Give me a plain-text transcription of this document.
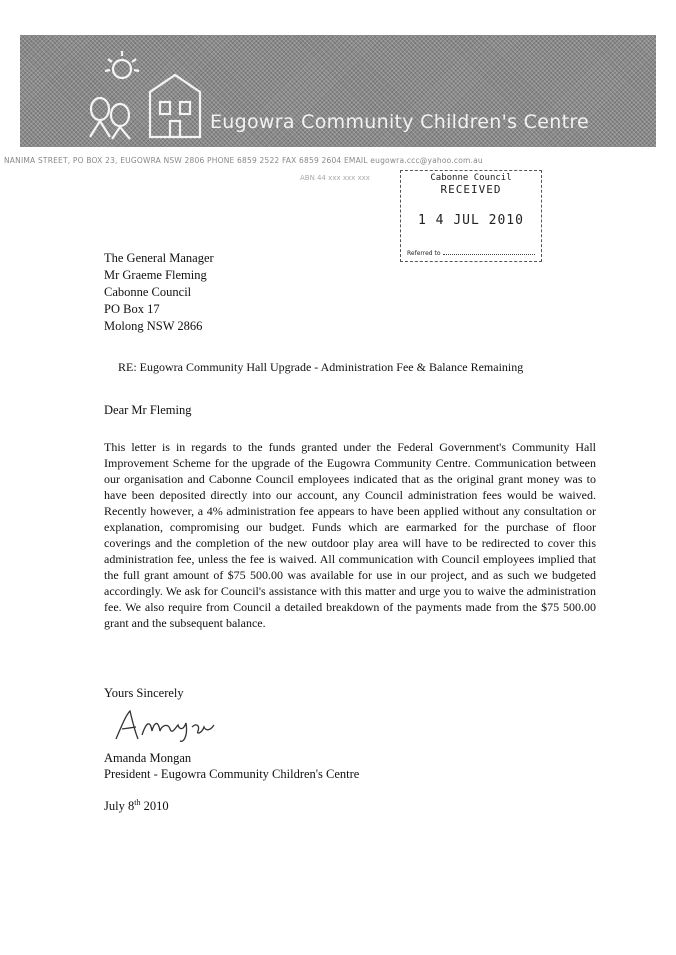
Eugowra Community Children's Centre
NANIMA STREET, PO BOX 23, EUGOWRA NSW 2806 PHONE 6859 2522 FAX 6859 2604 EMAIL eugowra.ccc@yahoo.com.au
ABN 44 xxx xxx xxx	Cabonne Council
RECEIVED
1 4 JUL 2010
Referred to
The General Manager
Mr Graeme Fleming
Cabonne Council
PO Box 17
Molong NSW 2866
RE: Eugowra Community Hall Upgrade - Administration Fee & Balance Remaining
Dear Mr Fleming
This letter is in regards to the funds granted under the Federal Government's Community Hall Improvement Scheme for the upgrade of the Eugowra Community Centre. Communication between our organisation and Cabonne Council employees indicated that as the original grant money was to have been deposited directly into our account, any Council administration fees would be waived. Recently however, a 4% administration fee appears to have been applied without any consultation or explanation, compromising our budget. Funds which are earmarked for the purchase of floor coverings and the completion of the new outdoor play area will have to be redirected to cover this administration fee, unless the fee is waived. All communication with Council employees implied that the full grant amount of $75 500.00 was available for use in our project, and as such we budgeted accordingly. We ask for Council's assistance with this matter and urge you to waive the administration fee. We also require from Council a detailed breakdown of the payments made from the $75 500.00 grant and the subsequent balance.
Yours Sincerely
Amanda Mongan
President - Eugowra Community Children's Centre
July 8th 2010
